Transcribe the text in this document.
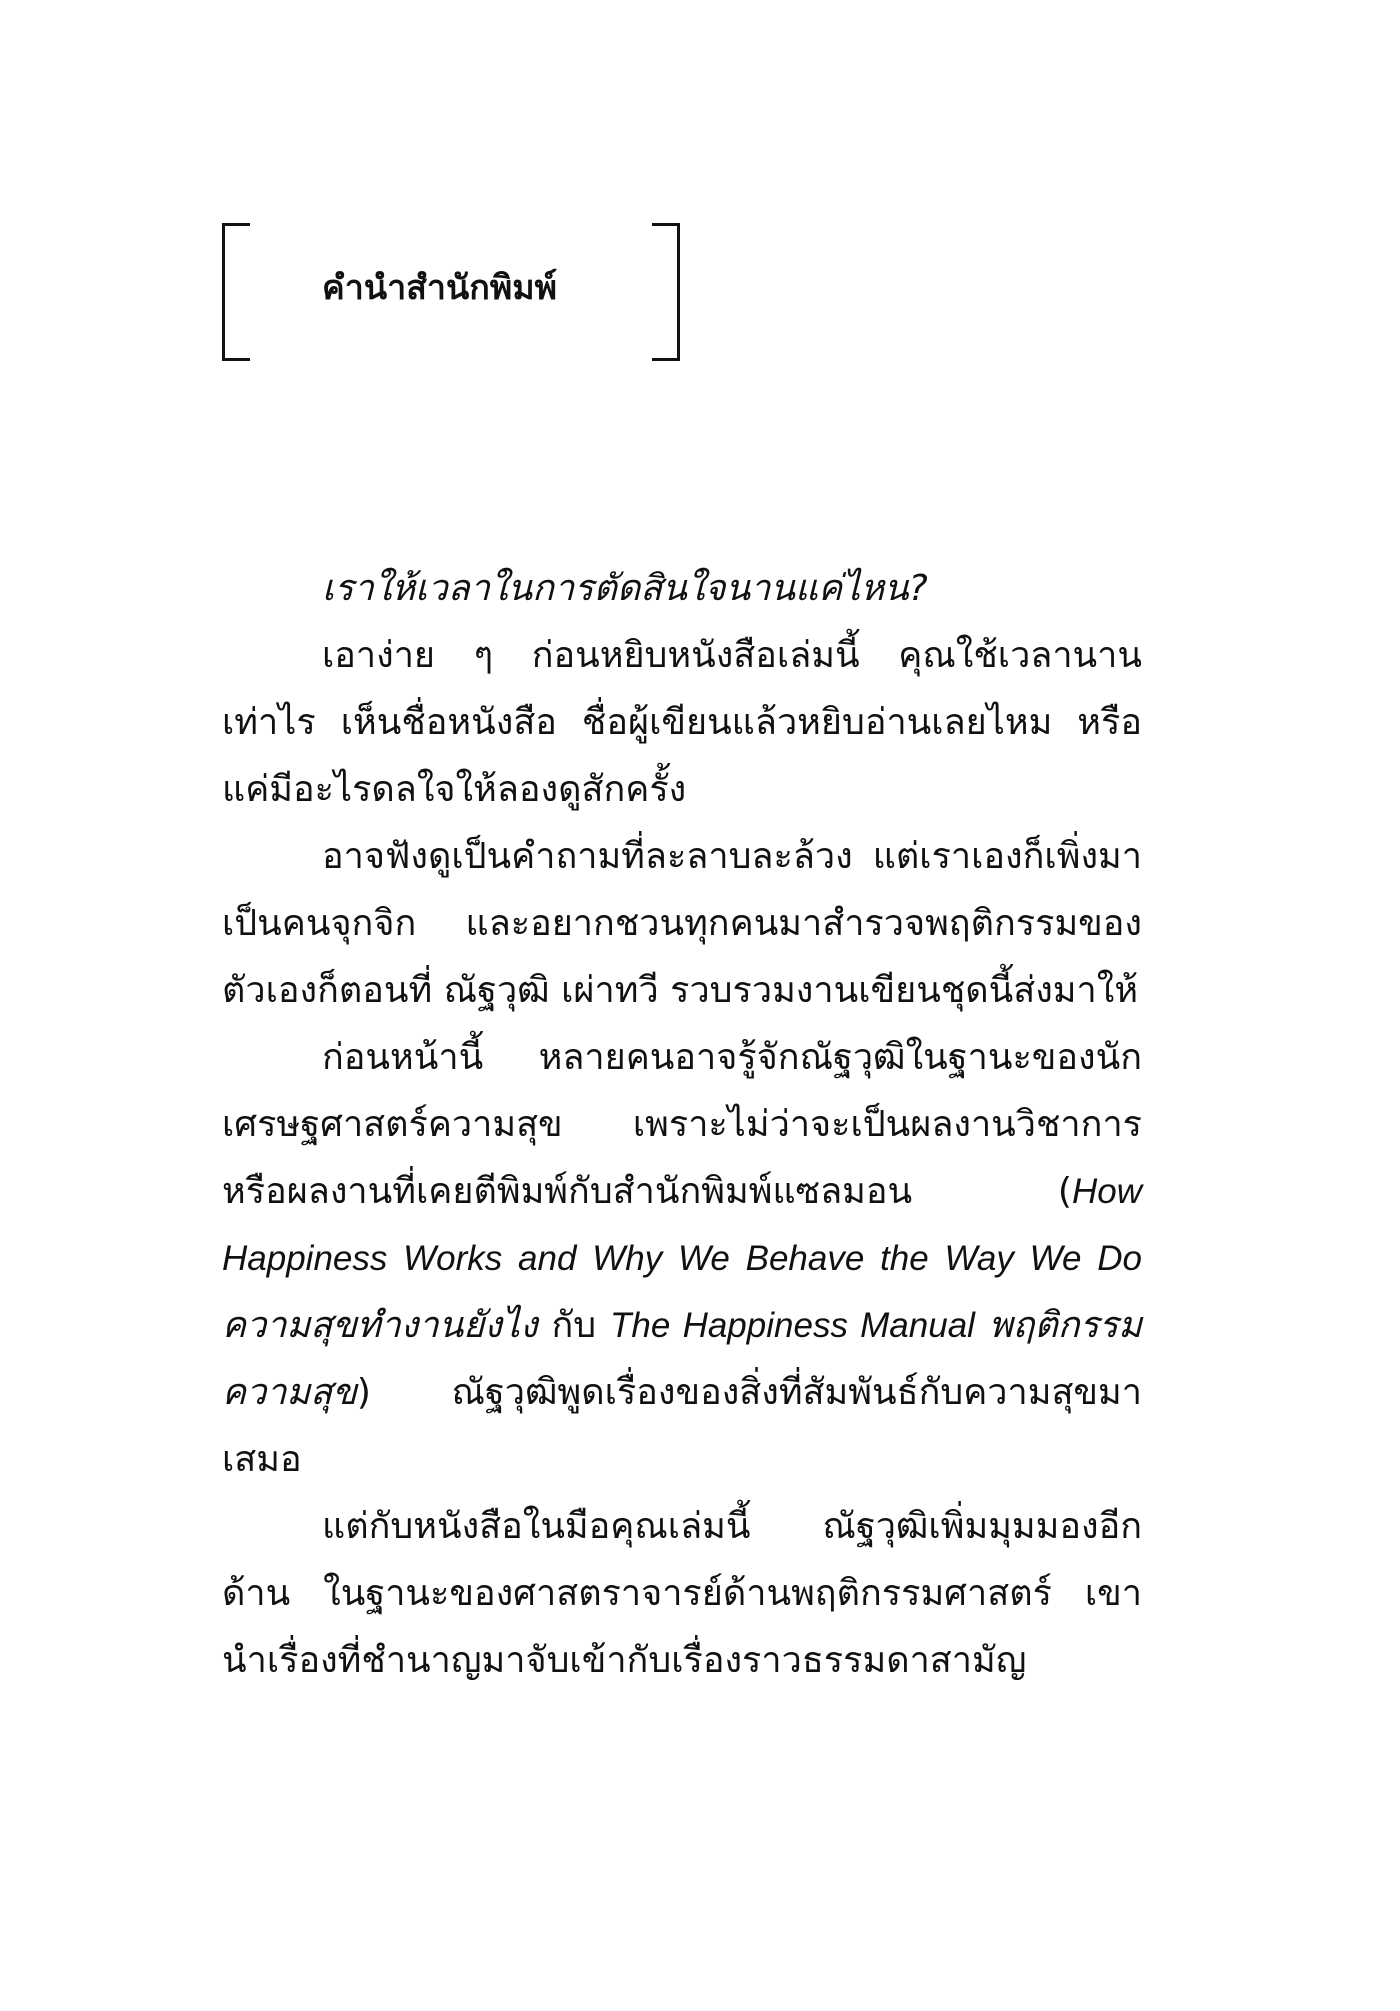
คำนำสำนักพิมพ์

เราให้เวลาในการตัดสินใจนานแค่ไหน?

เอาง่าย ๆ ก่อนหยิบหนังสือเล่มนี้ คุณใช้เวลานานเท่าไร เห็นชื่อหนังสือ ชื่อผู้เขียนแล้วหยิบอ่านเลยไหม หรือแค่มีอะไรดลใจให้ลองดูสักครั้ง

อาจฟังดูเป็นคำถามที่ละลาบละล้วง แต่เราเองก็เพิ่งมาเป็นคนจุกจิก และอยากชวนทุกคนมาสำรวจพฤติกรรมของตัวเองก็ตอนที่ ณัฐวุฒิ เผ่าทวี รวบรวมงานเขียนชุดนี้ส่งมาให้

ก่อนหน้านี้ หลายคนอาจรู้จักณัฐวุฒิในฐานะของนักเศรษฐศาสตร์ความสุข เพราะไม่ว่าจะเป็นผลงานวิชาการ หรือผลงานที่เคยตีพิมพ์กับสำนักพิมพ์แซลมอน (How Happiness Works and Why We Behave the Way We Do ความสุขทำงานยังไง กับ The Happiness Manual พฤติกรรมความสุข) ณัฐวุฒิพูดเรื่องของสิ่งที่สัมพันธ์กับความสุขมาเสมอ

แต่กับหนังสือในมือคุณเล่มนี้ ณัฐวุฒิเพิ่มมุมมองอีกด้าน ในฐานะของศาสตราจารย์ด้านพฤติกรรมศาสตร์ เขานำเรื่องที่ชำนาญมาจับเข้ากับเรื่องราวธรรมดาสามัญ
